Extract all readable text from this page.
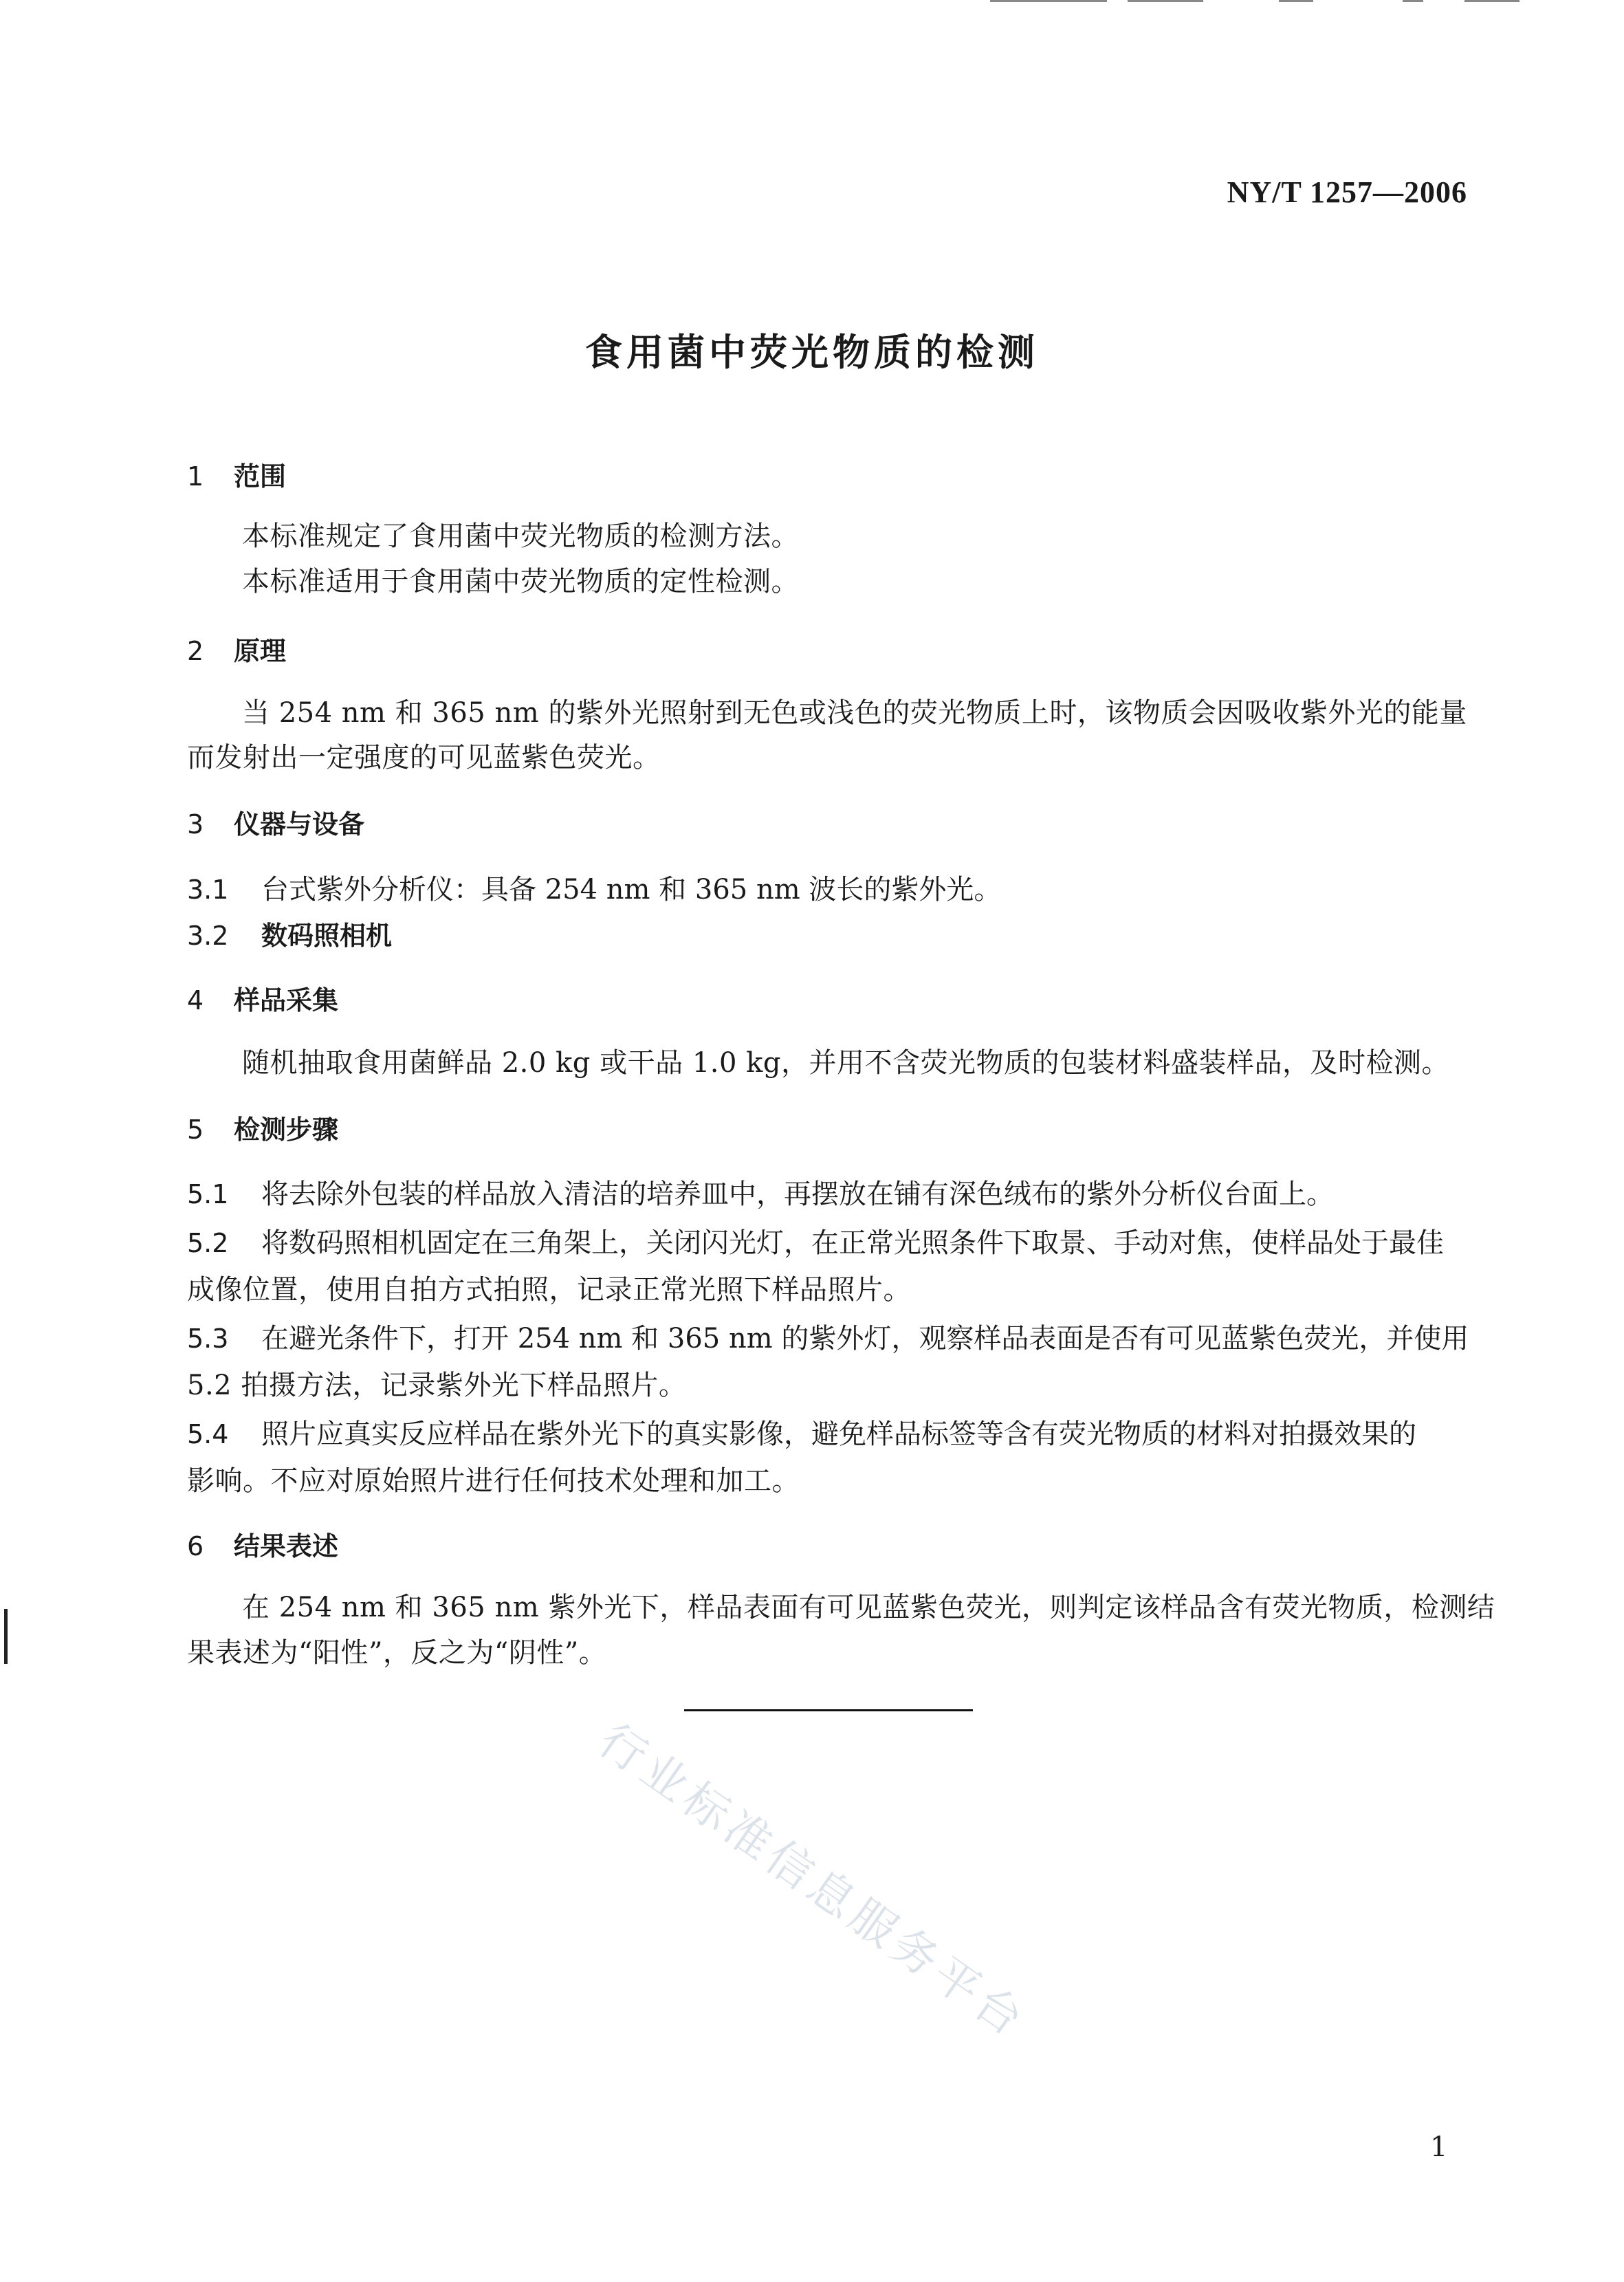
NY/T 1257—2006
食用菌中荧光物质的检测
1 范围
本标准规定了食用菌中荧光物质的检测方法。
本标准适用于食用菌中荧光物质的定性检测。
2 原理
当 254 nm 和 365 nm 的紫外光照射到无色或浅色的荧光物质上时，该物质会因吸收紫外光的能量
而发射出一定强度的可见蓝紫色荧光。
3 仪器与设备
3.1 台式紫外分析仪：具备 254 nm 和 365 nm 波长的紫外光。
3.2 数码照相机
4 样品采集
随机抽取食用菌鲜品 2.0 kg 或干品 1.0 kg，并用不含荧光物质的包装材料盛装样品，及时检测。
5 检测步骤
5.1 将去除外包装的样品放入清洁的培养皿中，再摆放在铺有深色绒布的紫外分析仪台面上。
5.2 将数码照相机固定在三角架上，关闭闪光灯，在正常光照条件下取景、手动对焦，使样品处于最佳
成像位置，使用自拍方式拍照，记录正常光照下样品照片。
5.3 在避光条件下，打开 254 nm 和 365 nm 的紫外灯，观察样品表面是否有可见蓝紫色荧光，并使用
5.2 拍摄方法，记录紫外光下样品照片。
5.4 照片应真实反应样品在紫外光下的真实影像，避免样品标签等含有荧光物质的材料对拍摄效果的
影响。不应对原始照片进行任何技术处理和加工。
6 结果表述
在 254 nm 和 365 nm 紫外光下，样品表面有可见蓝紫色荧光，则判定该样品含有荧光物质，检测结
果表述为“阳性”，反之为“阴性”。
行业标准信息服务平台
1
